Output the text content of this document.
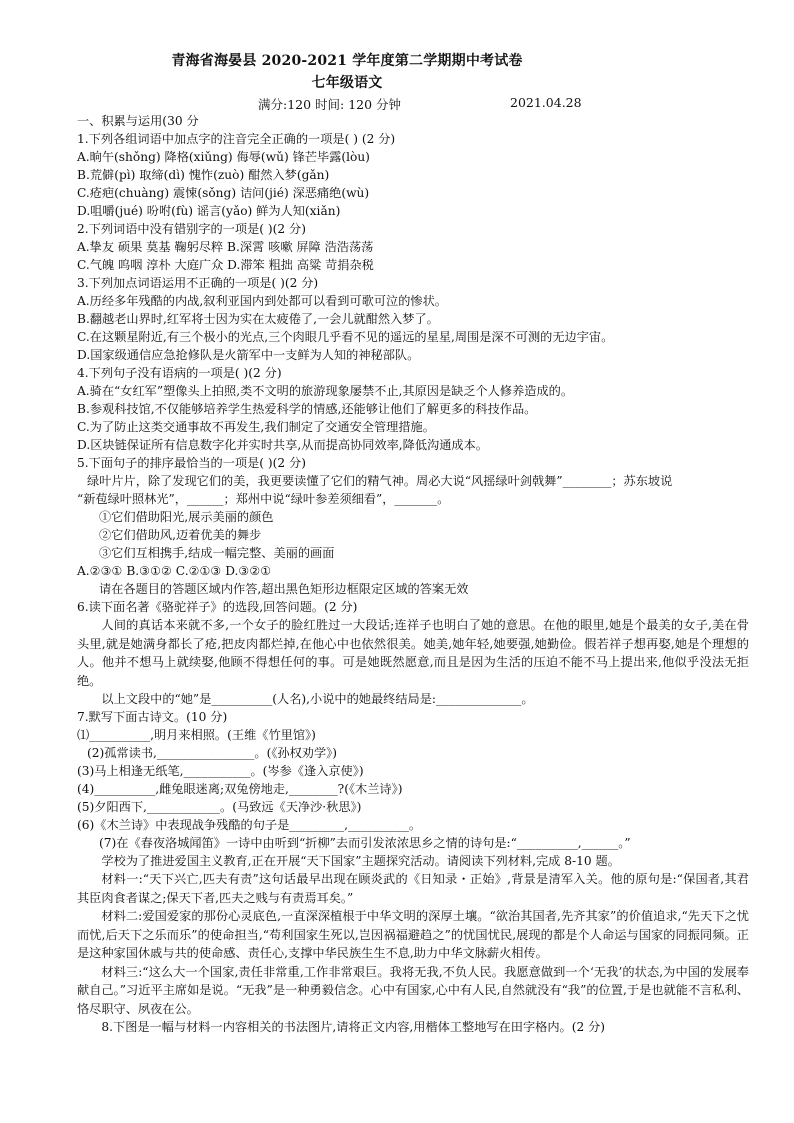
青海省海晏县 2020-2021 学年度第二学期期中考试卷
七年级语文
满分:120 时间: 120 分钟	2021.04.28
一、积累与运用(30 分
1.下列各组词语中加点字的注音完全正确的一项是( ) (2 分)
A.晌午(shǒng) 降格(xiǔng) 侮辱(wǔ) 锋芒毕露(lòu)
B.荒僻(pì) 取缔(dì) 愧怍(zuò) 酣然入梦(gǎn)
C.疮疤(chuàng) 震悚(sǒng) 诘问(jié) 深恶痛绝(wù)
D.咀嚼(jué) 吩咐(fù) 谣言(yǎo) 鲜为人知(xiǎn)
2.下列词语中没有错别字的一项是( )(2 分)
A.挚友 硕果 莫基 鞠躬尽粹 B.深霄 咳嗽 屏障 浩浩荡荡
C.气魄 呜咽 淳朴 大庭广众 D.滞笨 粗拙 高粱 苛捐杂税
3.下列加点词语运用不正确的一项是( )(2 分)
A.历经多年残酷的内战,叙利亚国内到处都可以看到可歌可泣的惨状。
B.翻越老山界时,红军将士因为实在太疲倦了,一会儿就酣然入梦了。
C.在这颗星附近,有三个极小的光点,三个肉眼几乎看不见的遥远的星星,周围是深不可测的无边宇宙。
D.国家级通信应急抢修队是火箭军中一支鲜为人知的神秘部队。
4.下列句子没有语病的一项是( )(2 分)
A.骑在“女红军”塑像头上拍照,类不文明的旅游现象屡禁不止,其原因是缺乏个人修养造成的。
B.参观科技馆,不仅能够培养学生热爱科学的情感,还能够让他们了解更多的科技作品。
C.为了防止这类交通事故不再发生,我们制定了交通安全管理措施。
D.区块链保证所有信息数字化并实时共享,从而提高协同效率,降低沟通成本。
5.下面句子的排序最恰当的一项是( )(2 分)
绿叶片片，除了发现它们的美，我更要读懂了它们的精气神。周必大说“风摇绿叶剑戟舞”________；苏东坡说
“新苞绿叶照林光”，______；郑州中说“绿叶参差须细看”，_______。
①它们借助阳光,展示美丽的颜色
②它们借助风,迈着优美的舞步
③它们互相携手,结成一幅完整、美丽的画面
A.②③① B.③①② C.②①③ D.③②①
请在各题目的答题区域内作答,超出黑色矩形边框限定区域的答案无效
6.读下面名著《骆驼祥子》的选段,回答问题。(2 分)
人间的真话本来就不多,一个女子的脸红胜过一大段话;连祥子也明白了她的意思。在他的眼里,她是个最美的女子,美在骨头里,就是她满身都长了疮,把皮肉都烂掉,在他心中也依然很美。她美,她年轻,她要强,她勤俭。假若祥子想再娶,她是个理想的人。他并不想马上就续娶,他顾不得想任何的事。可是她既然愿意,而且是因为生活的压迫不能不马上提出来,他似乎没法无拒绝。
以上文段中的“她”是__________(人名),小说中的她最终结局是:______________。
7.默写下面古诗文。(10 分)
⑴__________,明月来相照。(王维《竹里馆》)
(2)孤常读书,________________。(《孙权劝学》)
(3)马上相逢无纸笔,___________。(岑参《逢入京使》)
(4)__________,雌兔眼迷离;双兔傍地走,________?(《木兰诗》)
(5)夕阳西下,____________。(马致远《天净沙·秋思》)
(6)《木兰诗》中表现战争残酷的句子是_________,__________。
(7)在《春夜洛城闻笛》一诗中由听到“折柳”去而引发浓浓思乡之情的诗句是:“__________,______。”
学校为了推进爱国主义教育,正在开展“天下国家”主题探究活动。请阅读下列材料,完成 8-10 题。
材料一:“天下兴亡,匹夫有责”这句话最早出现在顾炎武的《日知录・正始》,背景是清军入关。他的原句是:“保国者,其君其臣肉食者谋之;保天下者,匹夫之贱与有责焉耳矣。”
材料二:爱国爱家的那份心灵底色,一直深深植根于中华文明的深厚土壤。“欲治其国者,先齐其家”的价值追求,“先天下之忧而忧,后天下之乐而乐”的使命担当,“苟利国家生死以,岂因祸福避趋之”的忧国忧民,展现的都是个人命运与国家的同振同频。正是这种家国休戚与共的使命感、责任心,支撑中华民族生生不息,助力中华文脉薪火相传。
材料三:“这么大一个国家,责任非常重,工作非常艰巨。我将无我,不负人民。我愿意做到一个‘无我’的状态,为中国的发展奉献自己。”习近平主席如是说。“无我”是一种勇毅信念。心中有国家,心中有人民,自然就没有“我”的位置,于是也就能不言私利、恪尽职守、夙夜在公。
8.下图是一幅与材料一内容相关的书法图片,请将正文内容,用楷体工整地写在田字格内。(2 分)
